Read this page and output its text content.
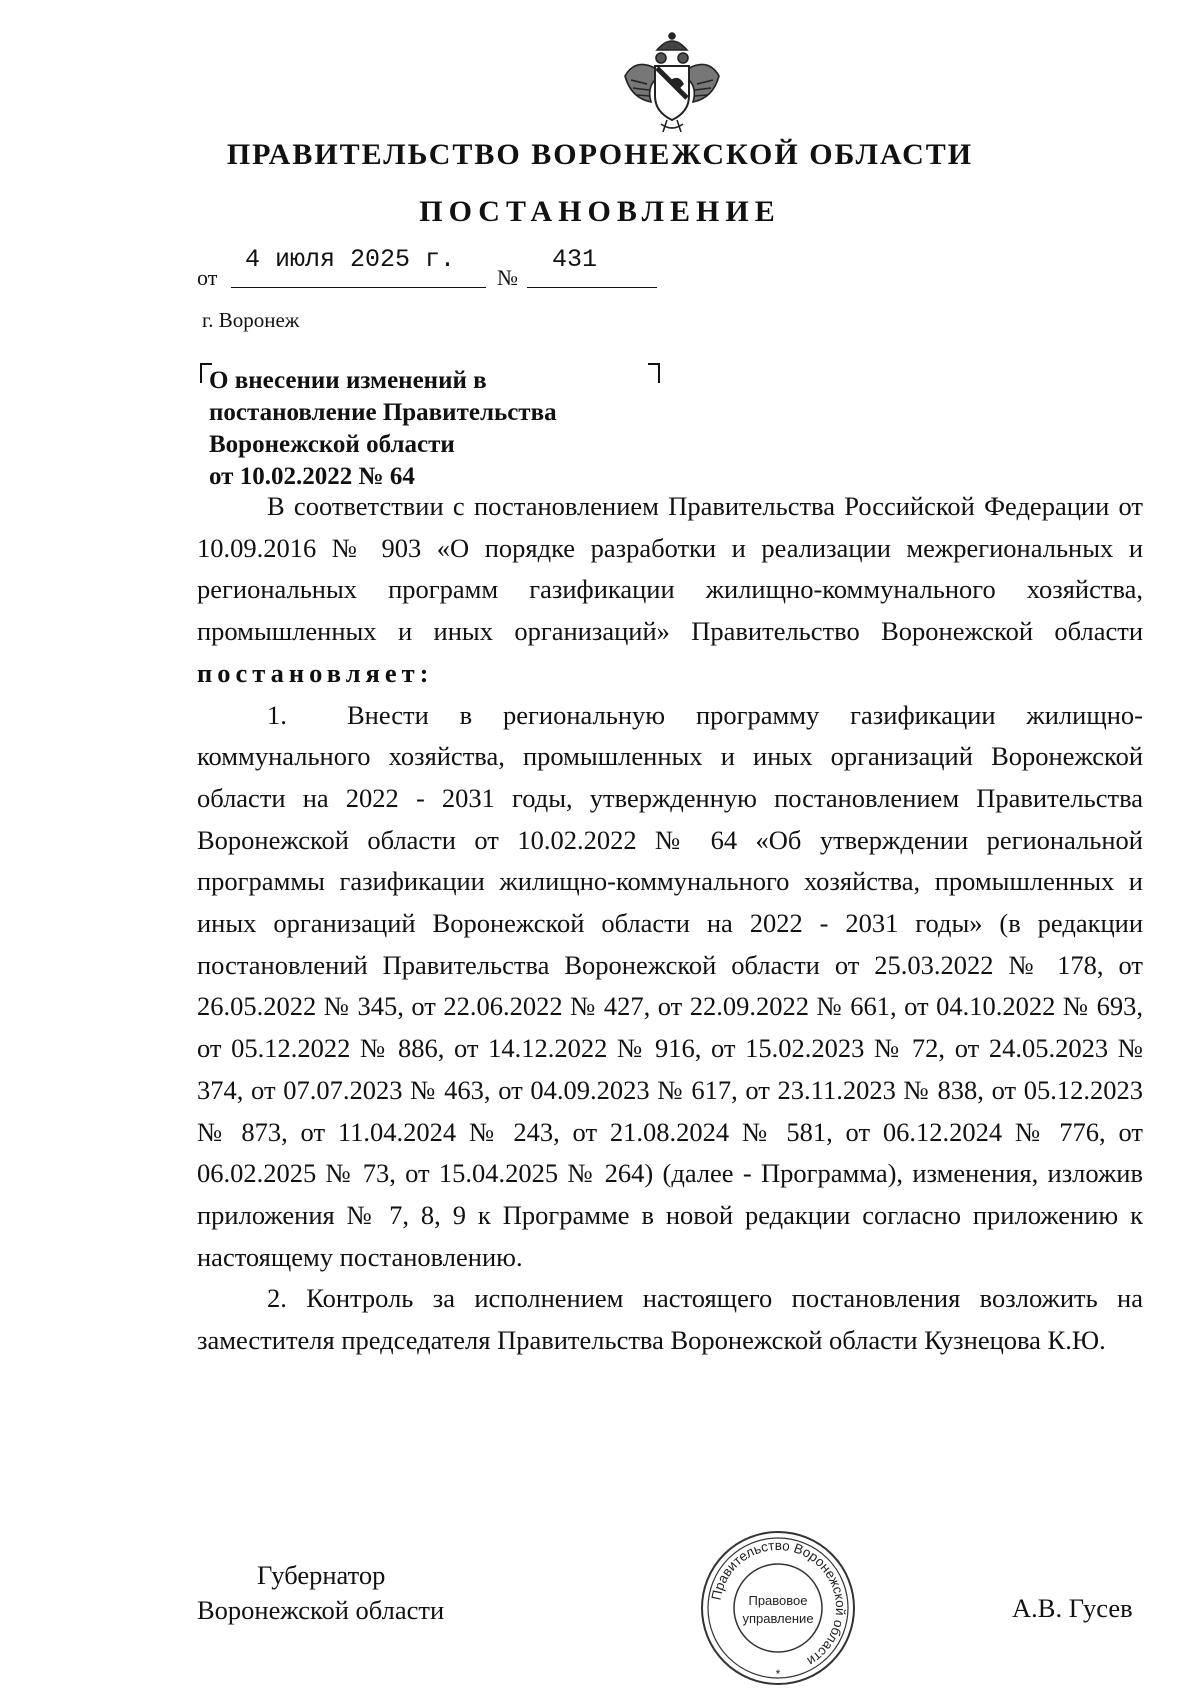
ПРАВИТЕЛЬСТВО ВОРОНЕЖСКОЙ ОБЛАСТИ
ПОСТАНОВЛЕНИЕ
от
4 июля 2025 г.
№
431
г. Воронеж
О внесении изменений в
постановление Правительства
Воронежской области
от 10.02.2022 № 64

В соответствии с постановлением Правительства Российской Федерации от 10.09.2016 № 903 «О порядке разработки и реализации межрегиональных и региональных программ газификации жилищно-коммунального хозяйства, промышленных и иных организаций» Правительство Воронежской области постановляет:

1. Внести в региональную программу газификации жилищно-коммунального хозяйства, промышленных и иных организаций Воронежской области на 2022 - 2031 годы, утвержденную постановлением Правительства Воронежской области от 10.02.2022 № 64 «Об утверждении региональной программы газификации жилищно-коммунального хозяйства, промышленных и иных организаций Воронежской области на 2022 - 2031 годы» (в редакции постановлений Правительства Воронежской области от 25.03.2022 № 178, от 26.05.2022 № 345, от 22.06.2022 № 427, от 22.09.2022 № 661, от 04.10.2022 № 693, от 05.12.2022 № 886, от 14.12.2022 № 916, от 15.02.2023 № 72, от 24.05.2023 № 374, от 07.07.2023 № 463, от 04.09.2023 № 617, от 23.11.2023 № 838, от 05.12.2023 № 873, от 11.04.2024 № 243, от 21.08.2024 № 581, от 06.12.2024 № 776, от 06.02.2025 № 73, от 15.04.2025 № 264) (далее - Программа), изменения, изложив приложения № 7, 8, 9 к Программе в новой редакции согласно приложению к настоящему постановлению.

2. Контроль за исполнением настоящего постановления возложить на заместителя председателя Правительства Воронежской области Кузнецова К.Ю.

Губернатор
Воронежской области	А.В. Гусев
Правительство Воронежской области
Правовое
управление
*
